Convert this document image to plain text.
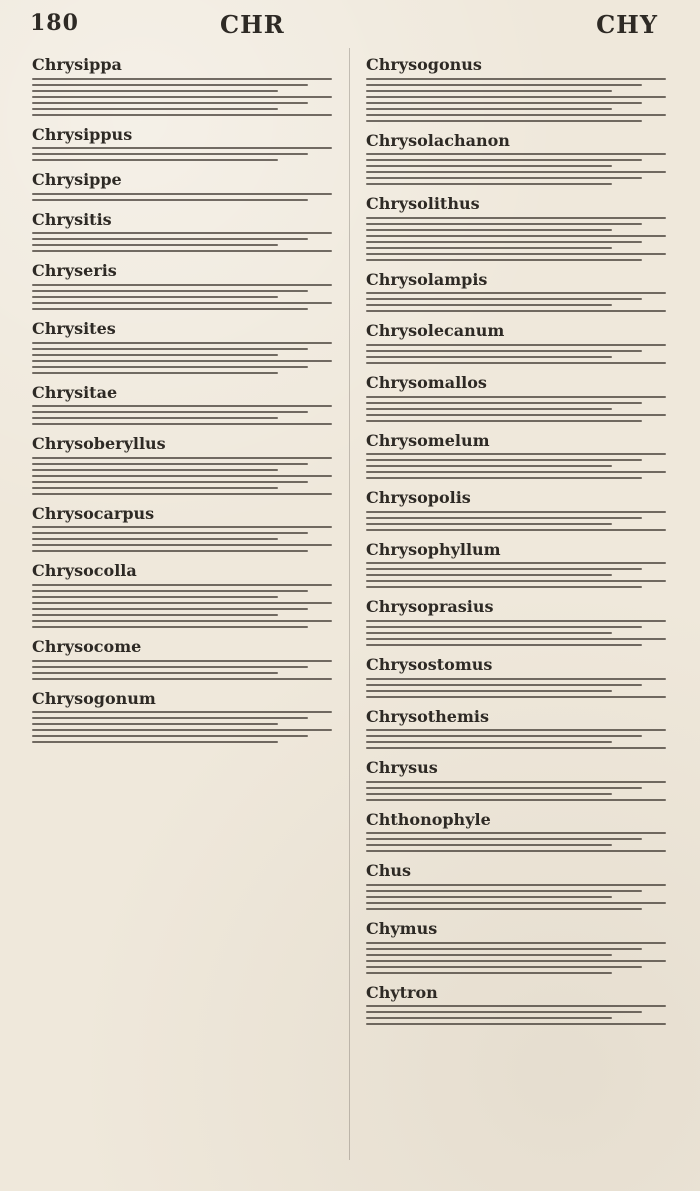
180	CHR	CHY
Chrysippa
Chrysippus
Chrysippe
Chrysitis
Chryseris
Chrysites
Chrysitae
Chrysoberyllus
Chrysocarpus
Chrysocolla
Chrysocome
Chrysogonum
Chrysogonus
Chrysolachanon
Chrysolithus
Chrysolampis
Chrysolecanum
Chrysomallos
Chrysomelum
Chrysopolis
Chrysophyllum
Chrysoprasius
Chrysostomus
Chrysothemis
Chrysus
Chthonophyle
Chus
Chymus
Chytron
